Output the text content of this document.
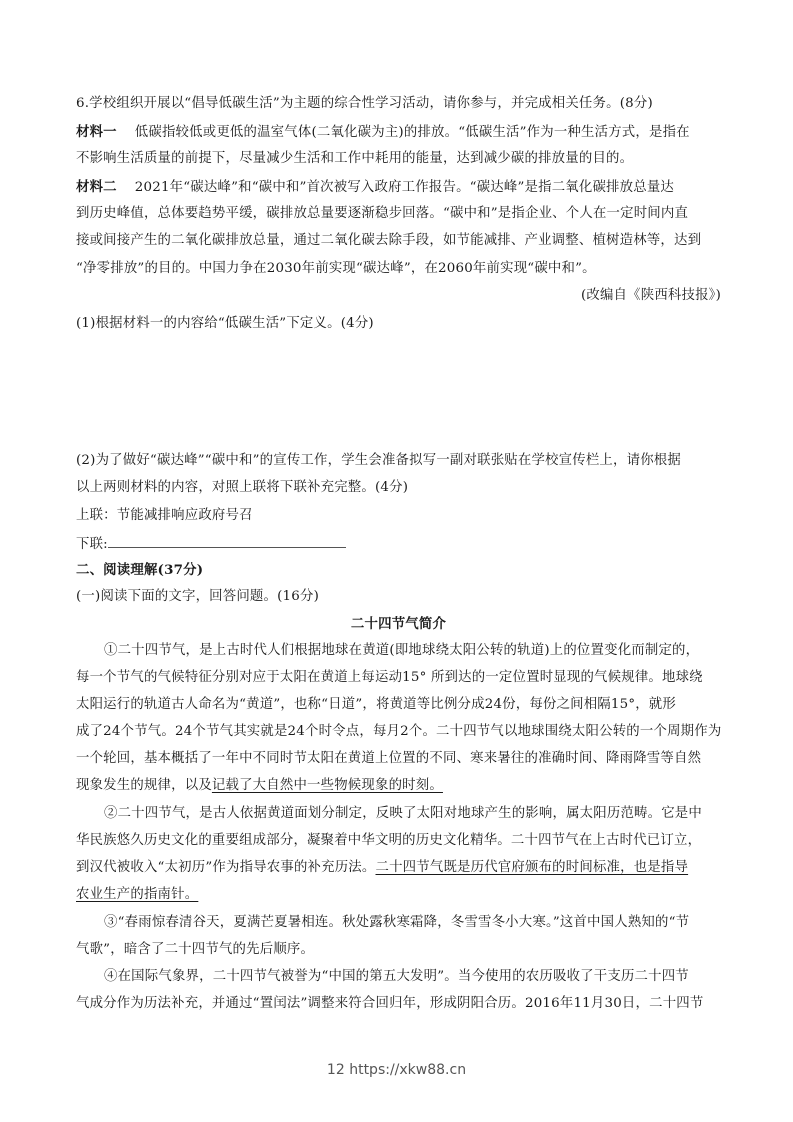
6.学校组织开展以“倡导低碳生活”为主题的综合性学习活动，请你参与，并完成相关任务。(8分)
材料一 低碳指较低或更低的温室气体(二氧化碳为主)的排放。“低碳生活”作为一种生活方式，是指在
不影响生活质量的前提下，尽量减少生活和工作中耗用的能量，达到减少碳的排放量的目的。
材料二 2021年“碳达峰”和“碳中和”首次被写入政府工作报告。“碳达峰”是指二氧化碳排放总量达
到历史峰值，总体要趋势平缓，碳排放总量要逐渐稳步回落。“碳中和”是指企业、个人在一定时间内直
接或间接产生的二氧化碳排放总量，通过二氧化碳去除手段，如节能减排、产业调整、植树造林等，达到
“净零排放”的目的。中国力争在2030年前实现“碳达峰”，在2060年前实现“碳中和”。
(改编自《陕西科技报》)
(1)根据材料一的内容给“低碳生活”下定义。(4分)
(2)为了做好“碳达峰”“碳中和”的宣传工作，学生会准备拟写一副对联张贴在学校宣传栏上，请你根据
以上两则材料的内容，对照上联将下联补充完整。(4分)
上联：节能减排响应政府号召
下联:
二、阅读理解(37分)
(一)阅读下面的文字，回答问题。(16分)
二十四节气简介
①二十四节气，是上古时代人们根据地球在黄道(即地球绕太阳公转的轨道)上的位置变化而制定的，
每一个节气的气候特征分别对应于太阳在黄道上每运动15° 所到达的一定位置时显现的气候规律。地球绕
太阳运行的轨道古人命名为“黄道”，也称“日道”，将黄道等比例分成24份，每份之间相隔15°，就形
成了24个节气。24个节气其实就是24个时令点，每月2个。二十四节气以地球围绕太阳公转的一个周期作为
一个轮回，基本概括了一年中不同时节太阳在黄道上位置的不同、寒来暑往的准确时间、降雨降雪等自然
现象发生的规律，以及记载了大自然中一些物候现象的时刻。
②二十四节气，是古人依据黄道面划分制定，反映了太阳对地球产生的影响，属太阳历范畴。它是中
华民族悠久历史文化的重要组成部分，凝聚着中华文明的历史文化精华。二十四节气在上古时代已订立，
到汉代被收入“太初历”作为指导农事的补充历法。二十四节气既是历代官府颁布的时间标准，也是指导
农业生产的指南针。
③“春雨惊春清谷天，夏满芒夏暑相连。秋处露秋寒霜降，冬雪雪冬小大寒。”这首中国人熟知的“节
气歌”，暗含了二十四节气的先后顺序。
④在国际气象界，二十四节气被誉为“中国的第五大发明”。当今使用的农历吸收了干支历二十四节
气成分作为历法补充，并通过“置闰法”调整来符合回归年，形成阴阳合历。2016年11月30日，二十四节
12 https://xkw88.cn
